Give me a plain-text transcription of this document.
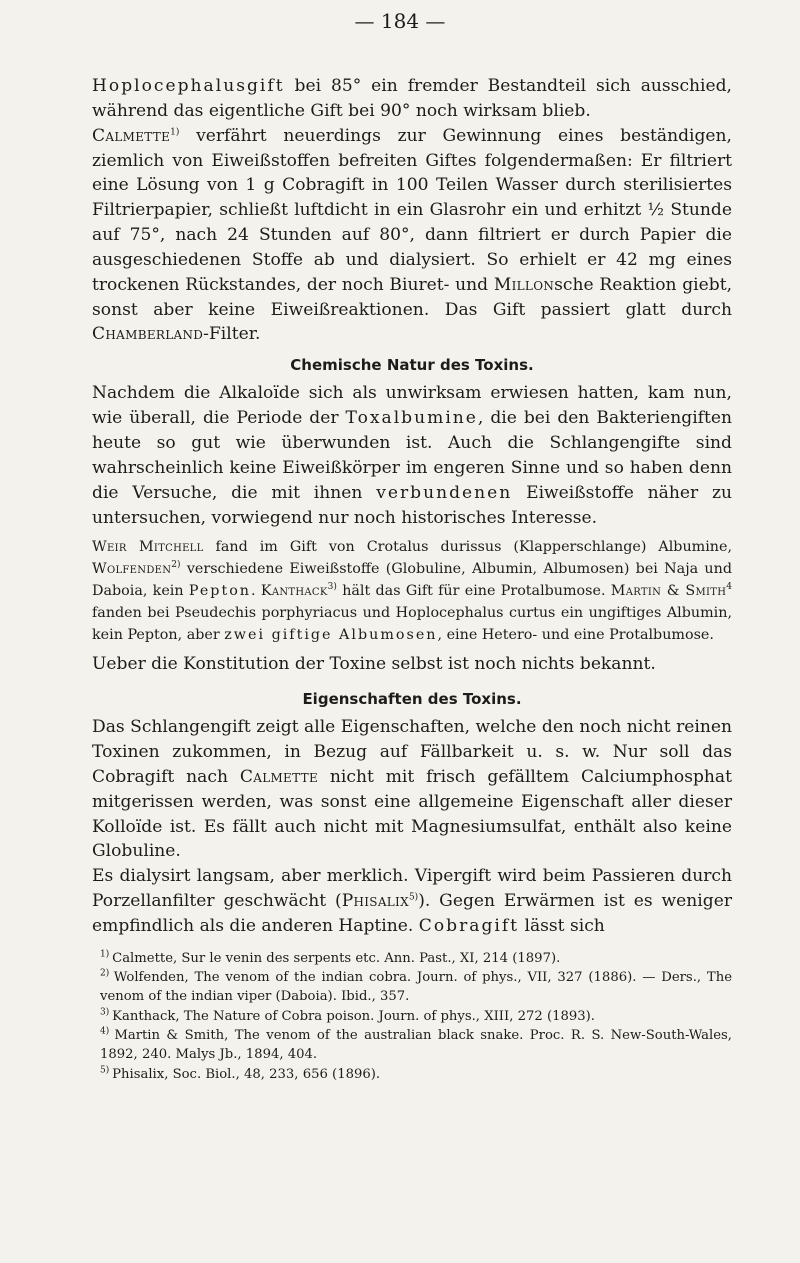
— 184 —

Hoplocephalusgift bei 85° ein fremder Bestandteil sich ausschied, während das eigentliche Gift bei 90° noch wirksam blieb.

Calmette$^{1)}$ verfährt neuerdings zur Gewinnung eines beständigen, ziemlich von Eiweißstoffen befreiten Giftes folgendermaßen: Er filtriert eine Lösung von 1 g Cobragift in 100 Teilen Wasser durch sterilisiertes Filtrierpapier, schließt luftdicht in ein Glasrohr ein und erhitzt ½ Stunde auf 75°, nach 24 Stunden auf 80°, dann filtriert er durch Papier die ausgeschiedenen Stoffe ab und dialysiert. So erhielt er 42 mg eines trockenen Rückstandes, der noch Biuret- und Millonsche Reaktion giebt, sonst aber keine Eiweißreaktionen. Das Gift passiert glatt durch Chamberland-Filter.

Chemische Natur des Toxins.

Nachdem die Alkaloïde sich als unwirksam erwiesen hatten, kam nun, wie überall, die Periode der Toxalbumine, die bei den Bakteriengiften heute so gut wie überwunden ist. Auch die Schlangengifte sind wahrscheinlich keine Eiweißkörper im engeren Sinne und so haben denn die Versuche, die mit ihnen verbundenen Eiweißstoffe näher zu untersuchen, vorwiegend nur noch historisches Interesse.

Weir Mitchell fand im Gift von Crotalus durissus (Klapperschlange) Albumine, Wolfenden$^{2)}$ verschiedene Eiweißstoffe (Globuline, Albumin, Albumosen) bei Naja und Daboia, kein Pepton. Kanthack$^{3)}$ hält das Gift für eine Protalbumose. Martin & Smith$^4$ fanden bei Pseudechis porphyriacus und Hoplocephalus curtus ein ungiftiges Albumin, kein Pepton, aber zwei giftige Albumosen, eine Hetero- und eine Protalbumose.

Ueber die Konstitution der Toxine selbst ist noch nichts bekannt.

Eigenschaften des Toxins.

Das Schlangengift zeigt alle Eigenschaften, welche den noch nicht reinen Toxinen zukommen, in Bezug auf Fällbarkeit u. s. w. Nur soll das Cobragift nach Calmette nicht mit frisch gefälltem Calciumphosphat mitgerissen werden, was sonst eine allgemeine Eigenschaft aller dieser Kolloïde ist. Es fällt auch nicht mit Magnesiumsulfat, enthält also keine Globuline.

Es dialysirt langsam, aber merklich. Vipergift wird beim Passieren durch Porzellanfilter geschwächt (Phisalix$^{5)}$). Gegen Erwärmen ist es weniger empfindlich als die anderen Haptine. Cobragift lässt sich

$^{1)}$ Calmette, Sur le venin des serpents etc. Ann. Past., XI, 214 (1897).

$^{2)}$ Wolfenden, The venom of the indian cobra. Journ. of phys., VII, 327 (1886). — Ders., The venom of the indian viper (Daboia). Ibid., 357.

$^{3)}$ Kanthack, The Nature of Cobra poison. Journ. of phys., XIII, 272 (1893).

$^{4)}$ Martin & Smith, The venom of the australian black snake. Proc. R. S. New-South-Wales, 1892, 240. Malys Jb., 1894, 404.

$^{5)}$ Phisalix, Soc. Biol., 48, 233, 656 (1896).
